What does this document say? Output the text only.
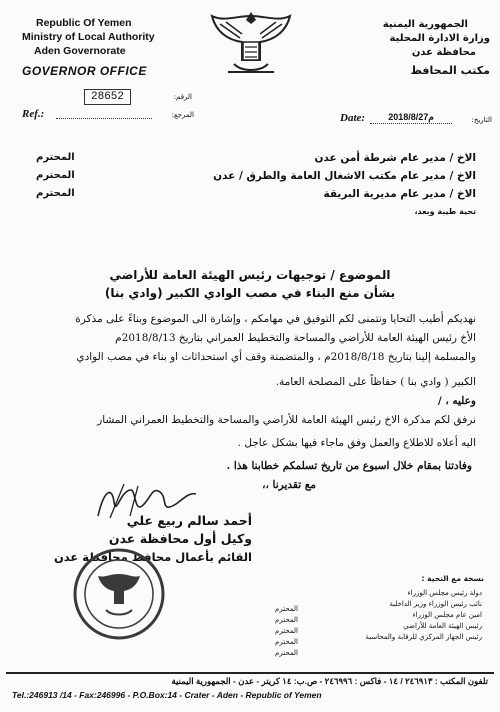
Republic Of Yemen
Ministry of Local Authority
Aden Governorate
GOVERNOR OFFICE
28652	الرقم:
Ref.:	المرجع:
الجمهورية اليمنية
وزارة الادارة المحلية
محافظة عدن
مكتب المحافظ
Date:	2018/8/27م	التاريخ:
الاخ / مدير عام شرطة أمن عدن
المحترم
الاخ / مدير عام مكتب الاشغال العامة والطرق / عدن
المحترم
الاخ / مدير عام مديرية البريقة
المحترم
تحية طيبة وبعد،
الموضوع / توجيهات رئيس الهيئة العامة للأراضي
بشأن منع البناء في مصب الوادي الكبير (وادي بنا)
نهديكم أطيب التحايا ونتمنى لكم التوفيق في مهامكم ، وإشارة الى الموضوع وبناءً على مذكرة
الأخ رئيس الهيئة العامة للأراضي والمساحة والتخطيط العمراني بتاريخ 2018/8/13م
والمسلمة إلينا بتاريخ 2018/8/18م ، والمتضمنة وقف أي استحداثات او بناء في مصب الوادي
الكبير ( وادي بنا ) حفاظاً على المصلحة العامة.
وعليه ، /
نرفق لكم مذكرة الاخ رئيس الهيئة العامة للأراضي والمساحة والتخطيط العمراني المشار
اليه أعلاه للاطلاع والعمل وفق ماجاء فيها بشكل عاجل .
وفادتنا بمقام خلال اسبوع من تاريخ تسلمكم خطابنا هذا .
مع تقديرنا ،،
أحمد سالم ربيع علي
وكيل أول محافظة عدن
القائم بأعمال محافظ محافظة عدن
نسخة مع التحية :
دولة رئيس مجلس الوزراء
نائب رئيس الوزراء وزير الداخلية
امين عام مجلس الوزراء
رئيس الهيئة العامة للأراضي
رئيس الجهاز المركزي للرقابة والمحاسبة
المحترم
المحترم
المحترم
المحترم
المحترم
تلفون المكتب : ٢٤٦٩١٣ / ١٤ - فاكس : ٢٤٦٩٩٦ - ص.ب: ١٤ كريتر - عدن - الجمهورية اليمنية
Tel.:246913 /14 - Fax:246996 - P.O.Box:14 - Crater - Aden - Republic of Yemen
